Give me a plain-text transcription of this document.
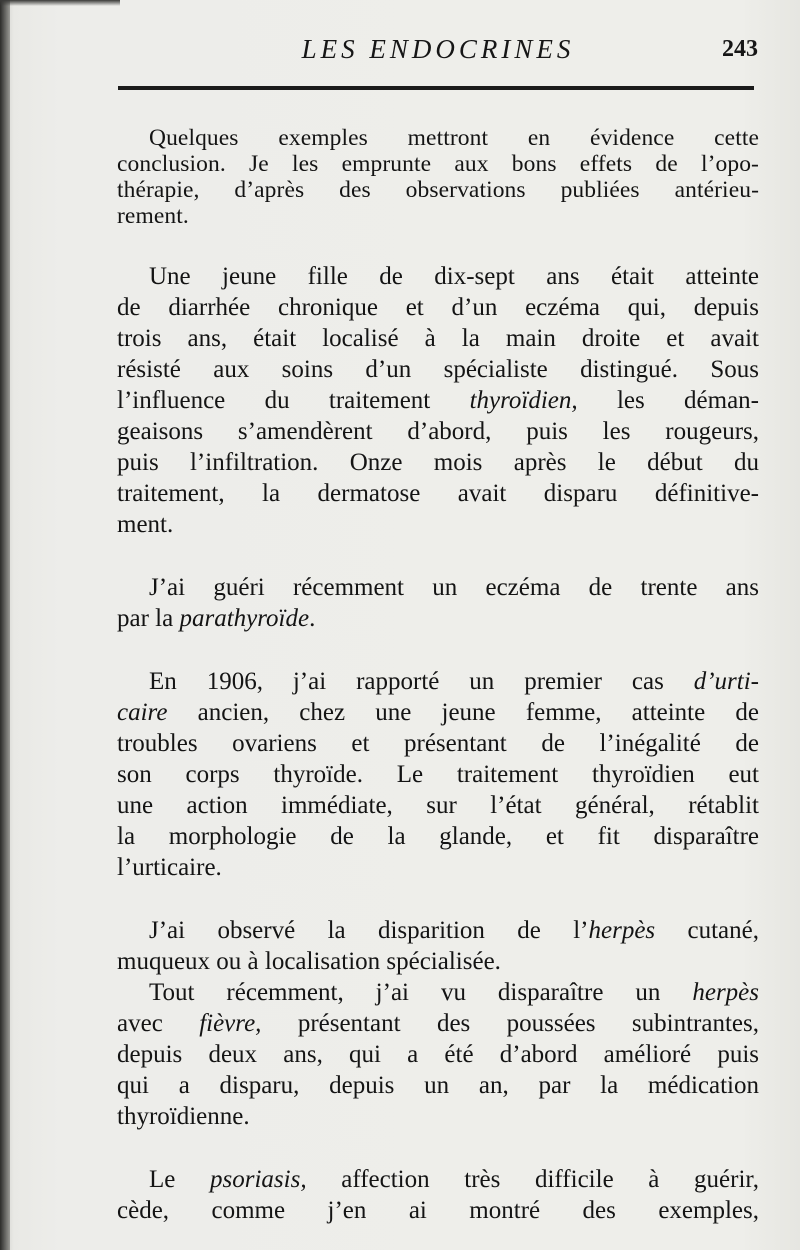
LES ENDOCRINES	243
Quelques exemples mettront en évidence cette
conclusion. Je les emprunte aux bons effets de l’opo-
thérapie, d’après des observations publiées antérieu-
rement.
Une jeune fille de dix-sept ans était atteinte
de diarrhée chronique et d’un eczéma qui, depuis
trois ans, était localisé à la main droite et avait
résisté aux soins d’un spécialiste distingué. Sous
l’influence du traitement thyroïdien, les déman-
geaisons s’amendèrent d’abord, puis les rougeurs,
puis l’infiltration. Onze mois après le début du
traitement, la dermatose avait disparu définitive-
ment.
J’ai guéri récemment un eczéma de trente ans
par la parathyroïde.
En 1906, j’ai rapporté un premier cas d’urti-
caire ancien, chez une jeune femme, atteinte de
troubles ovariens et présentant de l’inégalité de
son corps thyroïde. Le traitement thyroïdien eut
une action immédiate, sur l’état général, rétablit
la morphologie de la glande, et fit disparaître
l’urticaire.
J’ai observé la disparition de l’herpès cutané,
muqueux ou à localisation spécialisée.
Tout récemment, j’ai vu disparaître un herpès
avec fièvre, présentant des poussées subintrantes,
depuis deux ans, qui a été d’abord amélioré puis
qui a disparu, depuis un an, par la médication
thyroïdienne.
Le psoriasis, affection très difficile à guérir,
cède, comme j’en ai montré des exemples,
